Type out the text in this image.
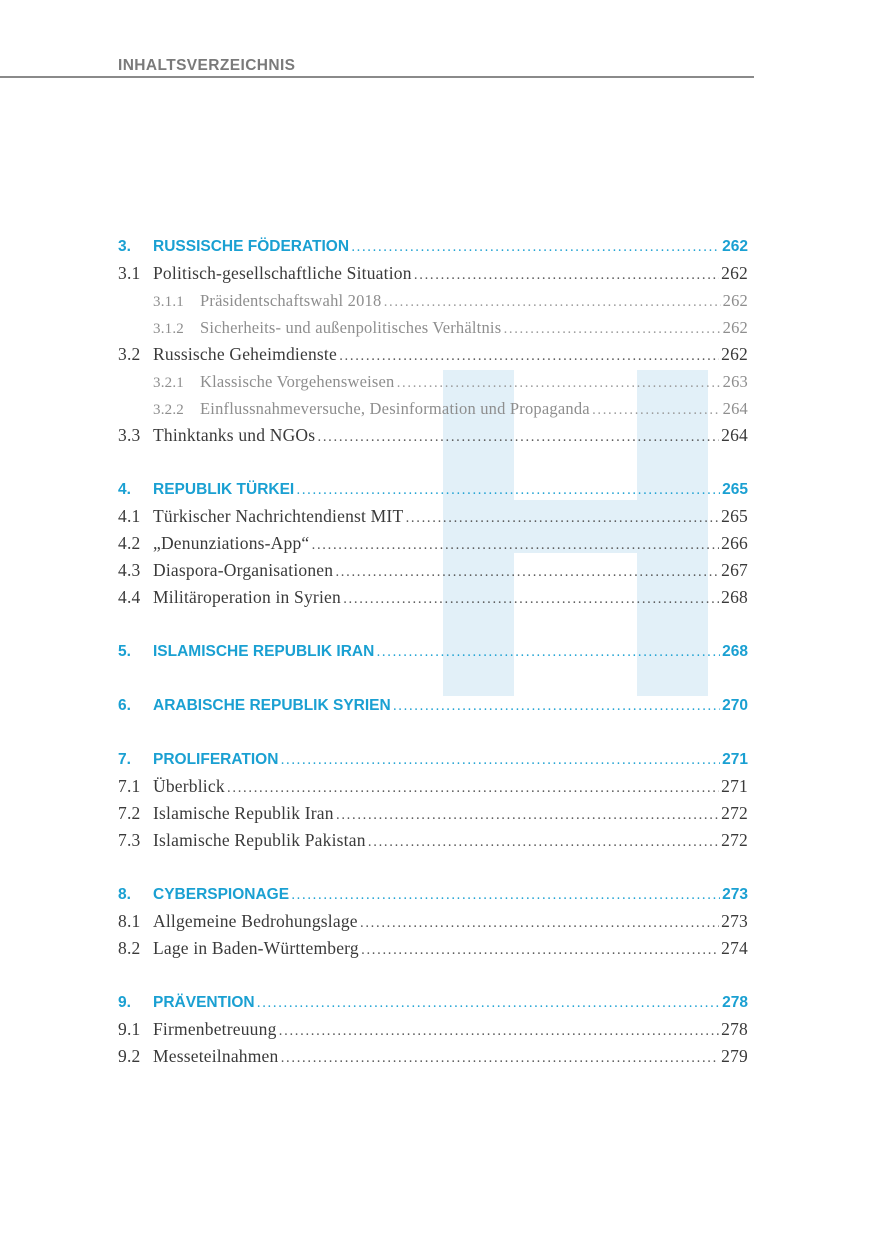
INHALTSVERZEICHNIS
3.	RUSSISCHE FÖDERATION .....	262
3.1 Politisch-gesellschaftliche Situation .....	262
3.1.1 Präsidentschaftswahl 2018 .....	262
3.1.2 Sicherheits- und außenpolitisches Verhältnis .....	262
3.2 Russische Geheimdienste .....	262
3.2.1 Klassische Vorgehensweisen .....	263
3.2.2 Einflussnahmeversuche, Desinformation und Propaganda .....	264
3.3 Thinktanks und NGOs .....	264
4.	REPUBLIK TÜRKEI .....	265
4.1 Türkischer Nachrichtendienst MIT .....	265
4.2 „Denunziations-App“ .....	266
4.3 Diaspora-Organisationen .....	267
4.4 Militäroperation in Syrien .....	268
5.	ISLAMISCHE REPUBLIK IRAN .....	268
6.	ARABISCHE REPUBLIK SYRIEN .....	270
7.	PROLIFERATION .....	271
7.1 Überblick .....	271
7.2 Islamische Republik Iran .....	272
7.3 Islamische Republik Pakistan .....	272
8.	CYBERSPIONAGE .....	273
8.1 Allgemeine Bedrohungslage .....	273
8.2 Lage in Baden-Württemberg .....	274
9.	PRÄVENTION .....	278
9.1 Firmenbetreuung .....	278
9.2 Messeteilnahmen .....	279
